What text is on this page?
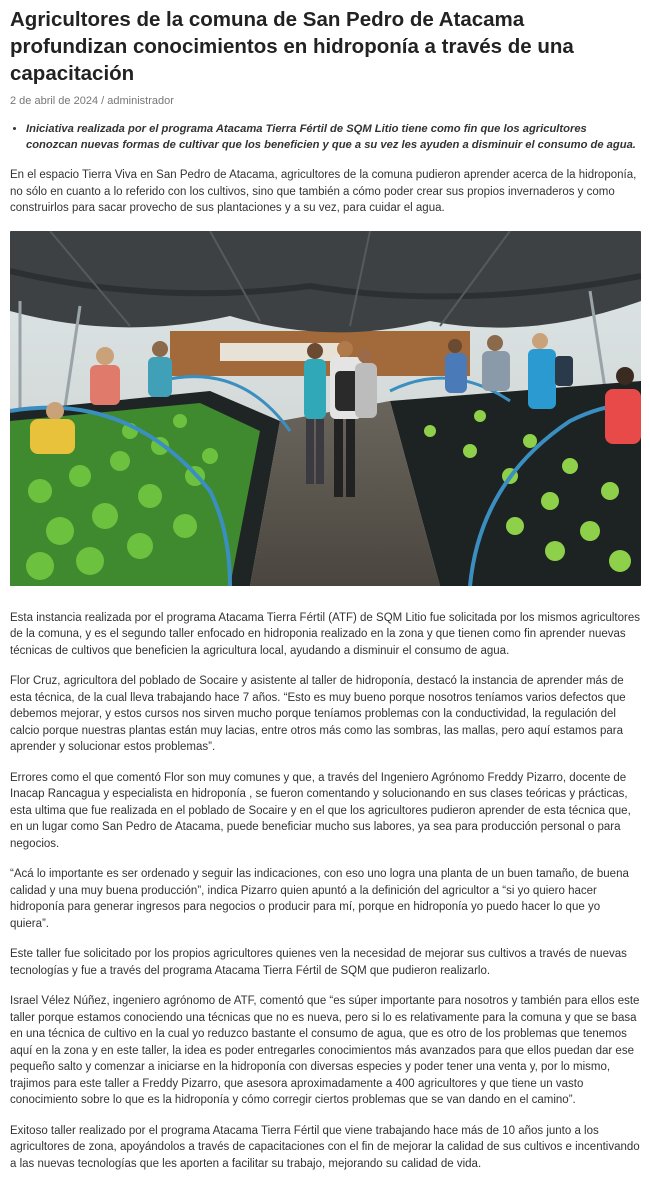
Agricultores de la comuna de San Pedro de Atacama profundizan conocimientos en hidroponía a través de una capacitación
2 de abril de 2024 / administrador
• Iniciativa realizada por el programa Atacama Tierra Fértil de SQM Litio tiene como fin que los agricultores conozcan nuevas formas de cultivar que los beneficien y que a su vez les ayuden a disminuir el consumo de agua.

En el espacio Tierra Viva en San Pedro de Atacama, agricultores de la comuna pudieron aprender acerca de la hidroponía, no sólo en cuanto a lo referido con los cultivos, sino que también a cómo poder crear sus propios invernaderos y como construirlos para sacar provecho de sus plantaciones y a su vez, para cuidar el agua.

Esta instancia realizada por el programa Atacama Tierra Fértil (ATF) de SQM Litio fue solicitada por los mismos agricultores de la comuna, y es el segundo taller enfocado en hidroponia realizado en la zona y que tienen como fin aprender nuevas técnicas de cultivos que beneficien la agricultura local, ayudando a disminuir el consumo de agua.

Flor Cruz, agricultora del poblado de Socaire y asistente al taller de hidroponía, destacó la instancia de aprender más de esta técnica, de la cual lleva trabajando hace 7 años. “Esto es muy bueno porque nosotros teníamos varios defectos que debemos mejorar, y estos cursos nos sirven mucho porque teníamos problemas con la conductividad, la regulación del calcio porque nuestras plantas están muy lacias, entre otros más como las sombras, las mallas, pero aquí estamos para aprender y solucionar estos problemas”.

Errores como el que comentó Flor son muy comunes y que, a través del Ingeniero Agrónomo Freddy Pizarro, docente de Inacap Rancagua y especialista en hidroponía , se fueron comentando y solucionando en sus clases teóricas y prácticas, esta ultima que fue realizada en el poblado de Socaire y en el que los agricultores pudieron aprender de esta técnica que, en un lugar como San Pedro de Atacama, puede beneficiar mucho sus labores, ya sea para producción personal o para negocios.

“Acá lo importante es ser ordenado y seguir las indicaciones, con eso uno logra una planta de un buen tamaño, de buena calidad y una muy buena producción”, indica Pizarro quien apuntó a la definición del agricultor a “si yo quiero hacer hidroponía para generar ingresos para negocios o producir para mí, porque en hidroponía yo puedo hacer lo que yo quiera”.

Este taller fue solicitado por los propios agricultores quienes ven la necesidad de mejorar sus cultivos a través de nuevas tecnologías y fue a través del programa Atacama Tierra Fértil de SQM que pudieron realizarlo.

Israel Vélez Núñez, ingeniero agrónomo de ATF, comentó que “es súper importante para nosotros y también para ellos este taller porque estamos conociendo una técnicas que no es nueva, pero si lo es relativamente para la comuna y que se basa en una técnica de cultivo en la cual yo reduzco bastante el consumo de agua, que es otro de los problemas que tenemos aquí en la zona y en este taller, la idea es poder entregarles conocimientos más avanzados para que ellos puedan dar ese pequeño salto y comenzar a iniciarse en la hidroponía con diversas especies y poder tener una venta y, por lo mismo, trajimos para este taller a Freddy Pizarro, que asesora aproximadamente a 400 agricultores y que tiene un vasto conocimiento sobre lo que es la hidroponía y cómo corregir ciertos problemas que se van dando en el camino”.

Exitoso taller realizado por el programa Atacama Tierra Fértil que viene trabajando hace más de 10 años junto a los agricultores de zona, apoyándolos a través de capacitaciones con el fin de mejorar la calidad de sus cultivos e incentivando a las nuevas tecnologías que les aporten a facilitar su trabajo, mejorando su calidad de vida.
